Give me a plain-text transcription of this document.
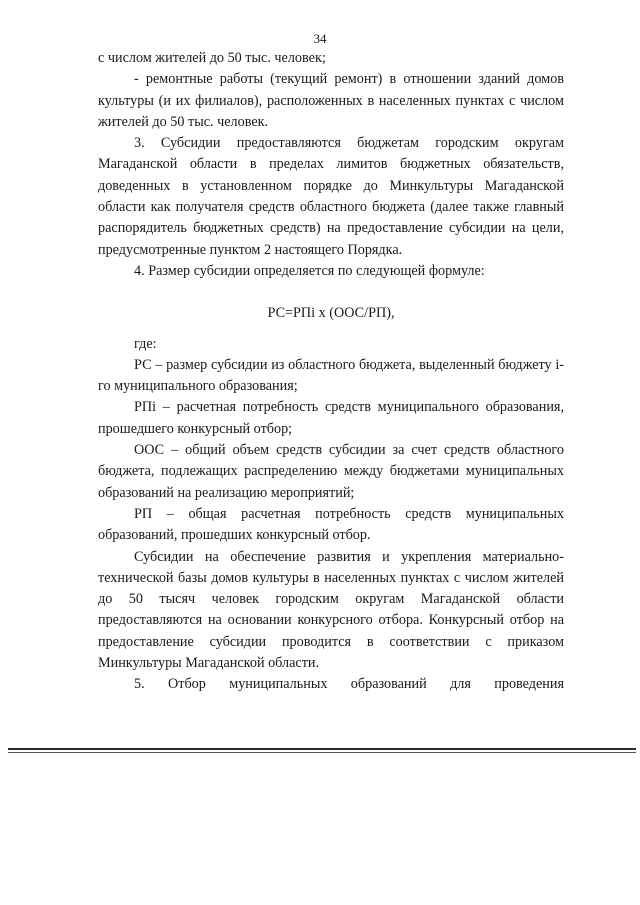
34

с числом жителей до 50 тыс. человек;

- ремонтные работы (текущий ремонт) в отношении зданий домов культуры (и их филиалов), расположенных в населенных пунктах с числом жителей до 50 тыс. человек.

3. Субсидии предоставляются бюджетам городским округам Магаданской области в пределах лимитов бюджетных обязательств, доведенных в установленном порядке до Минкультуры Магаданской области как получателя средств областного бюджета (далее также главный распорядитель бюджетных средств) на предоставление субсидии на цели, предусмотренные пунктом 2 настоящего Порядка.

4. Размер субсидии определяется по следующей формуле:

РС=РПi x (ООС/РП),

где:

РС – размер субсидии из областного бюджета, выделенный бюджету i-го муниципального образования;

РПi – расчетная потребность средств муниципального образования, прошедшего конкурсный отбор;

ООС – общий объем средств субсидии за счет средств областного бюджета, подлежащих распределению между бюджетами муниципальных образований на реализацию мероприятий;

РП – общая расчетная потребность средств муниципальных образований, прошедших конкурсный отбор.

Субсидии на обеспечение развития и укрепления материально-технической базы домов культуры в населенных пунктах с числом жителей до 50 тысяч человек городским округам Магаданской области предоставляются на основании конкурсного отбора. Конкурсный отбор на предоставление субсидии проводится в соответствии с приказом Минкультуры Магаданской области.

5. Отбор муниципальных образований для проведения
